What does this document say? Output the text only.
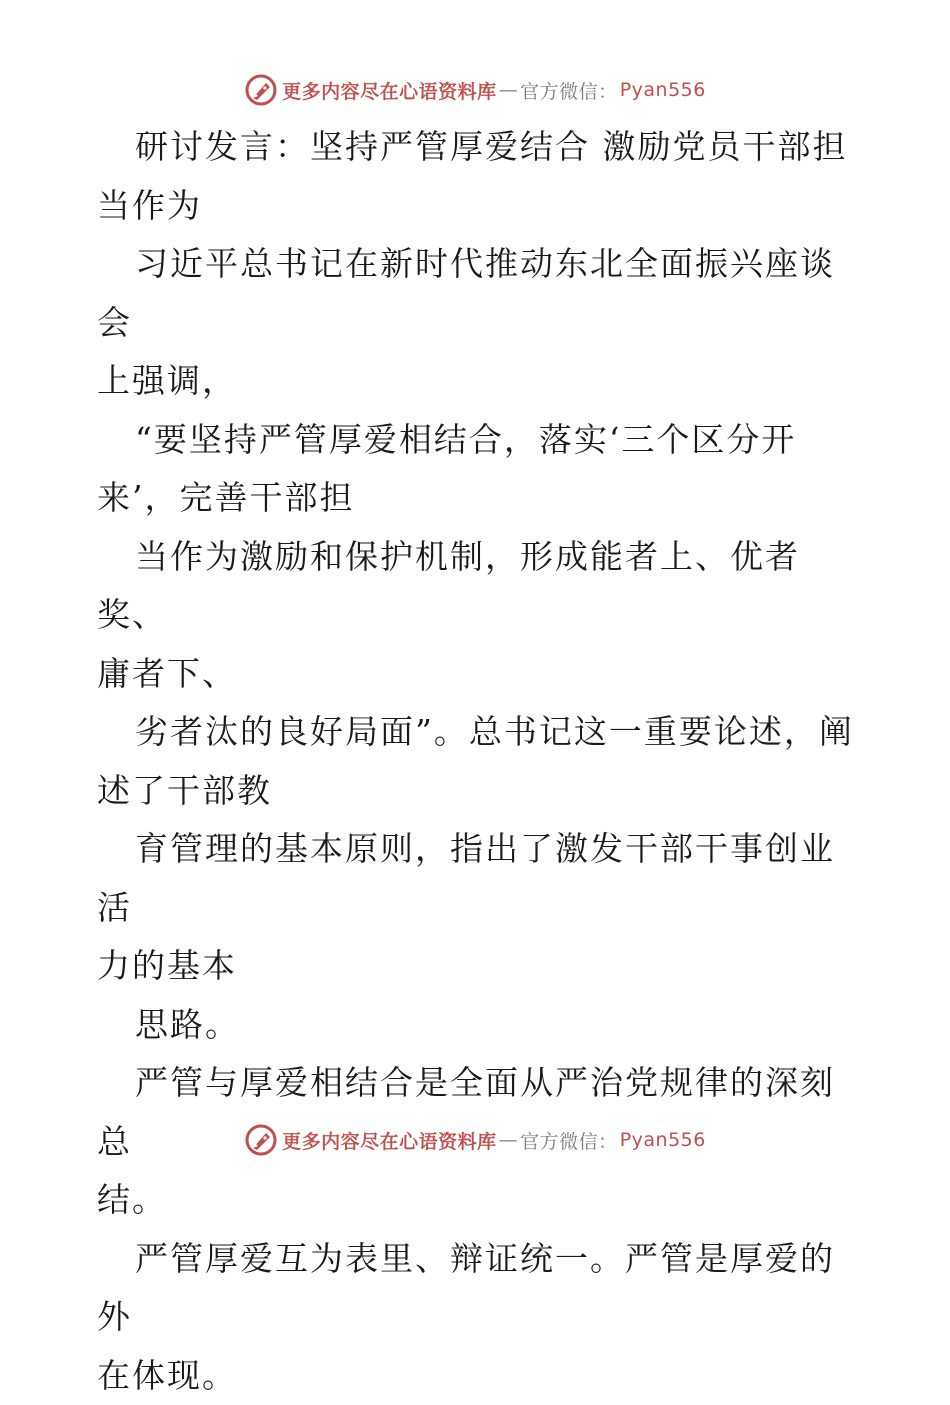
更多内容尽在心语资料库 — 官方微信： Pyan556

研讨发言：坚持严管厚爱结合 激励党员干部担
当作为

习近平总书记在新时代推动东北全面振兴座谈会
上强调，

“要坚持严管厚爱相结合，落实‘三个区分开
来’，完善干部担

当作为激励和保护机制，形成能者上、优者奖、
庸者下、

劣者汰的良好局面”。总书记这一重要论述，阐
述了干部教

育管理的基本原则，指出了激发干部干事创业活
力的基本

思路。

严管与厚爱相结合是全面从严治党规律的深刻总
结。

严管厚爱互为表里、辩证统一。严管是厚爱的外
在体现。

更多内容尽在心语资料库 — 官方微信： Pyan556
